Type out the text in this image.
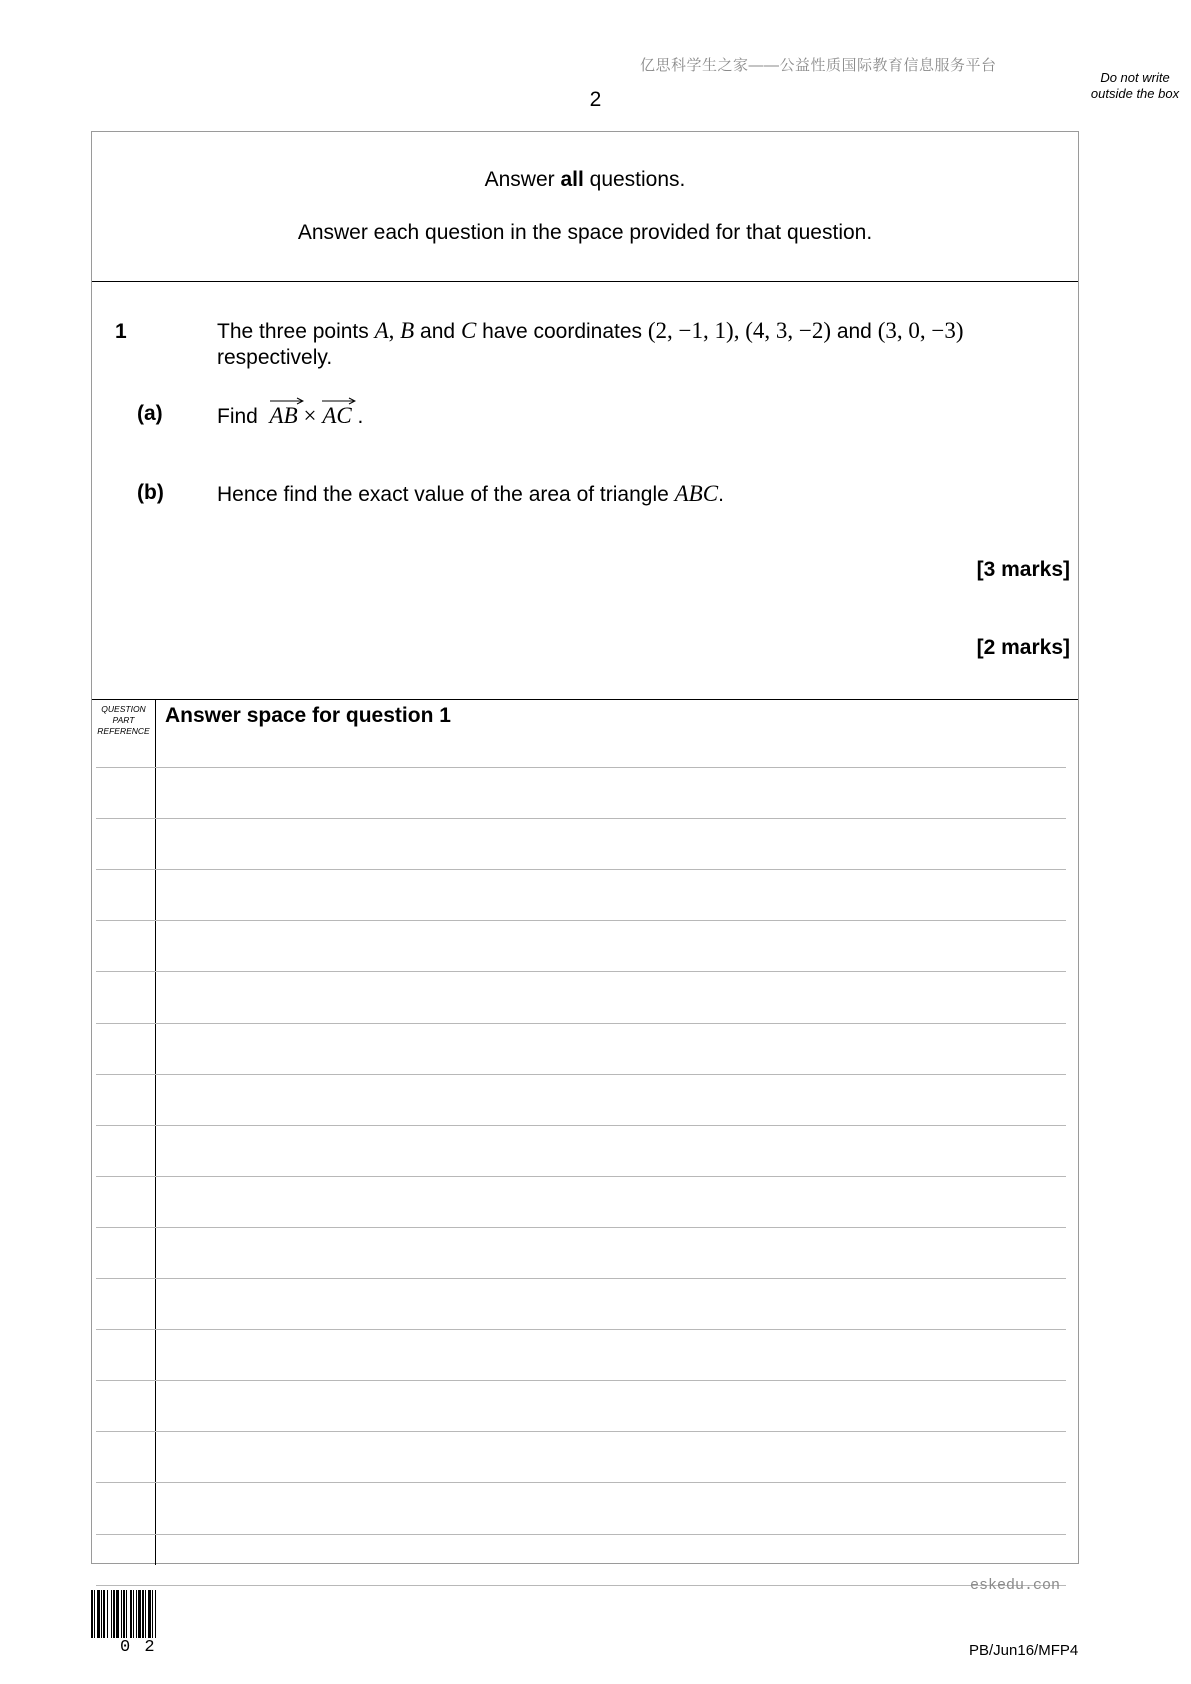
亿思科学生之家——公益性质国际教育信息服务平台
2
Do not write outside the box
Answer all questions.
Answer each question in the space provided for that question.
1	The three points A, B and C have coordinates (2, −1, 1), (4, 3, −2) and (3, 0, −3)
respectively.
(a)	Find AB × AC .
[3 marks]
(b)	Hence find the exact value of the area of triangle ABC.
[2 marks]
QUESTION
PART
REFERENCE
Answer space for question 1
eskedu.con
0 2	PB/Jun16/MFP4
